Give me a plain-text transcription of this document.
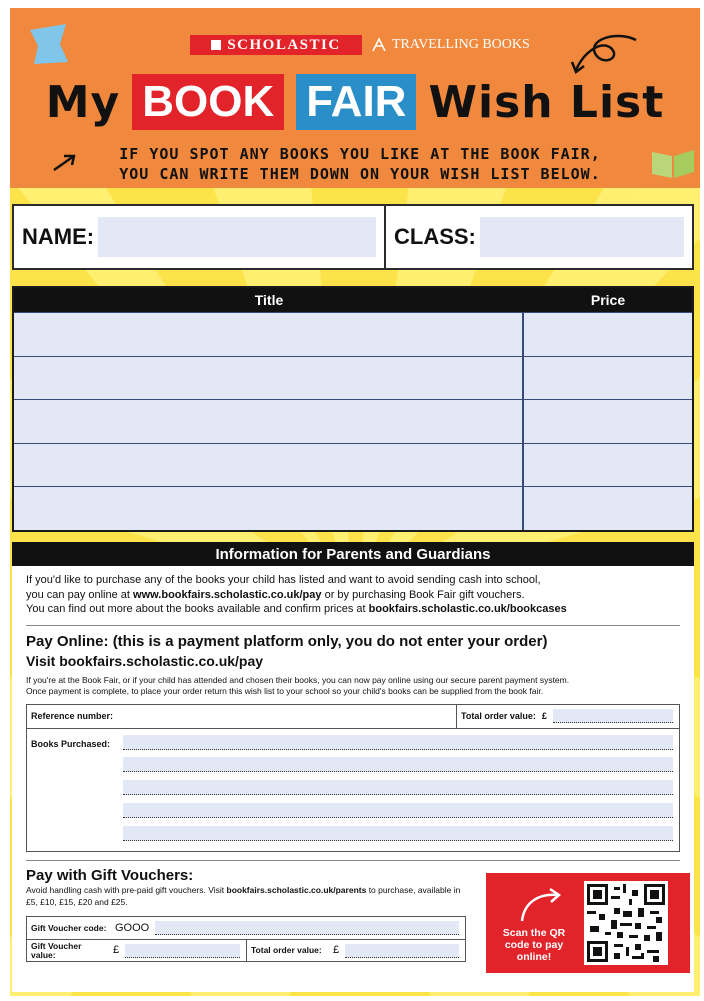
SCHOLASTIC	TRAVELLING BOOKS
My BOOK FAIR Wish List
IF YOU SPOT ANY BOOKS YOU LIKE AT THE BOOK FAIR,
YOU CAN WRITE THEM DOWN ON YOUR WISH LIST BELOW.
NAME:	CLASS:
Title	Price
Information for Parents and Guardians
If you'd like to purchase any of the books your child has listed and want to avoid sending cash into school,
you can pay online at www.bookfairs.scholastic.co.uk/pay or by purchasing Book Fair gift vouchers.
You can find out more about the books available and confirm prices at bookfairs.scholastic.co.uk/bookcases
Pay Online: (this is a payment platform only, you do not enter your order)
Visit bookfairs.scholastic.co.uk/pay
If you're at the Book Fair, or if your child has attended and chosen their books, you can now pay online using our secure parent payment system.
Once payment is complete, to place your order return this wish list to your school so your child's books can be supplied from the book fair.
Reference number:	Total order value: £
Books Purchased:
Pay with Gift Vouchers:
Avoid handling cash with pre-paid gift vouchers. Visit bookfairs.scholastic.co.uk/parents to purchase, available in £5, £10, £15, £20 and £25.
Gift Voucher code: GOOO
Gift Voucher value:	£	Total order value:	£
Scan the QR code to pay online!
